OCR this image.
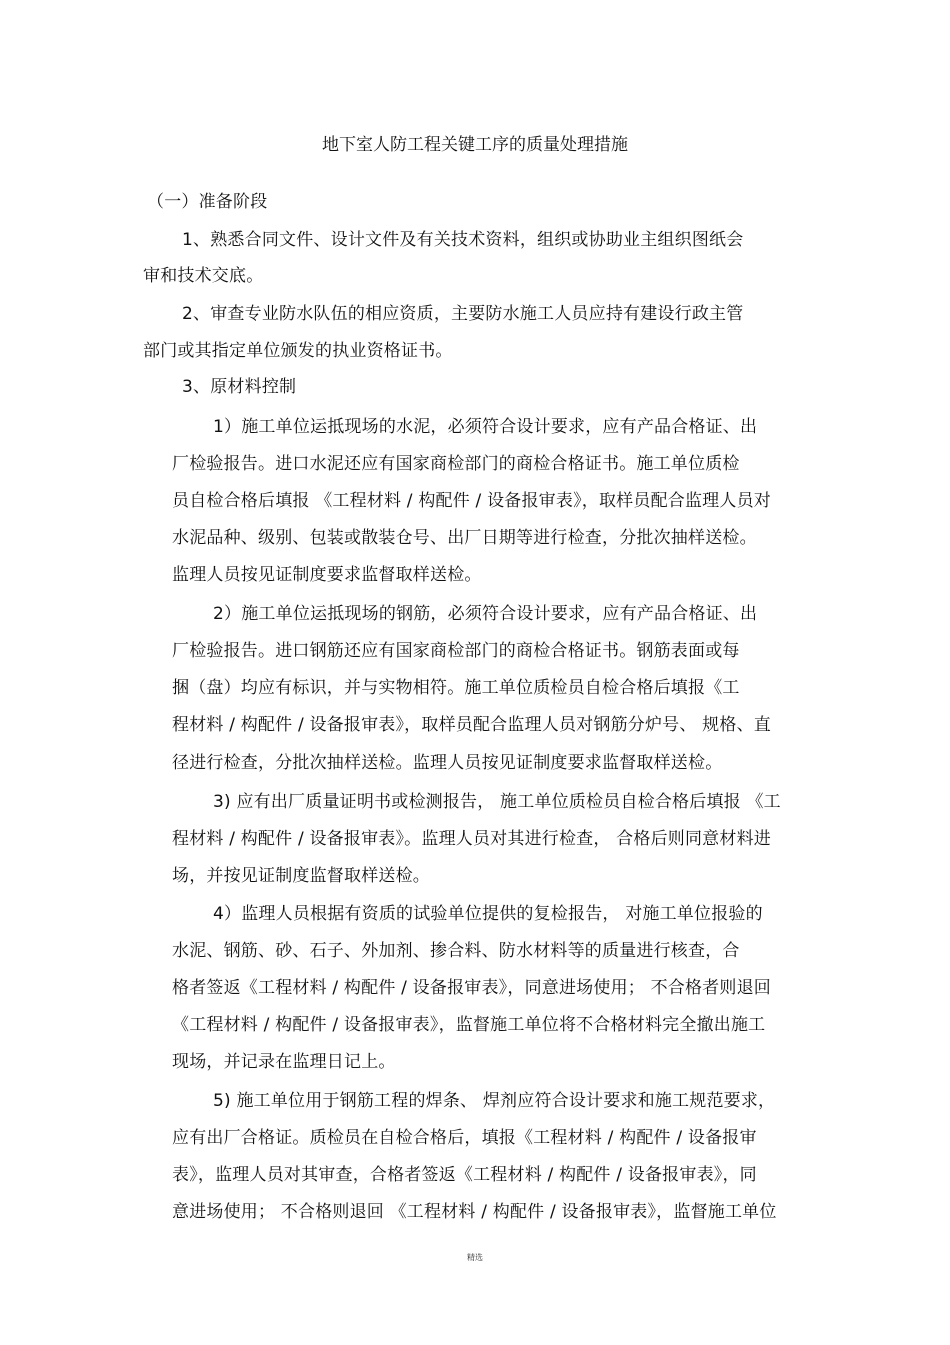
地下室人防工程关键工序的质量处理措施
（一）准备阶段
1、熟悉合同文件、设计文件及有关技术资料，组织或协助业主组织图纸会
审和技术交底。
2、审查专业防水队伍的相应资质，主要防水施工人员应持有建设行政主管
部门或其指定单位颁发的执业资格证书。
3、原材料控制
1）施工单位运抵现场的水泥，必须符合设计要求，应有产品合格证、出
厂检验报告。进口水泥还应有国家商检部门的商检合格证书。施工单位质检
员自检合格后填报 《工程材料 / 构配件 / 设备报审表》，取样员配合监理人员对
水泥品种、级别、包装或散装仓号、出厂日期等进行检查，分批次抽样送检。
监理人员按见证制度要求监督取样送检。
2）施工单位运抵现场的钢筋，必须符合设计要求，应有产品合格证、出
厂检验报告。进口钢筋还应有国家商检部门的商检合格证书。钢筋表面或每
捆（盘）均应有标识，并与实物相符。施工单位质检员自检合格后填报《工
程材料 / 构配件 / 设备报审表》，取样员配合监理人员对钢筋分炉号、 规格、直
径进行检查，分批次抽样送检。监理人员按见证制度要求监督取样送检。
3) 应有出厂质量证明书或检测报告， 施工单位质检员自检合格后填报 《工
程材料 / 构配件 / 设备报审表》。监理人员对其进行检查， 合格后则同意材料进
场，并按见证制度监督取样送检。
4）监理人员根据有资质的试验单位提供的复检报告， 对施工单位报验的
水泥、钢筋、砂、石子、外加剂、掺合料、防水材料等的质量进行核查，合
格者签返《工程材料 / 构配件 / 设备报审表》，同意进场使用； 不合格者则退回
《工程材料 / 构配件 / 设备报审表》，监督施工单位将不合格材料完全撤出施工
现场，并记录在监理日记上。
5) 施工单位用于钢筋工程的焊条、 焊剂应符合设计要求和施工规范要求，
应有出厂合格证。质检员在自检合格后，填报《工程材料 / 构配件 / 设备报审
表》，监理人员对其审查，合格者签返《工程材料 / 构配件 / 设备报审表》，同
意进场使用； 不合格则退回 《工程材料 / 构配件 / 设备报审表》，监督施工单位
精选
